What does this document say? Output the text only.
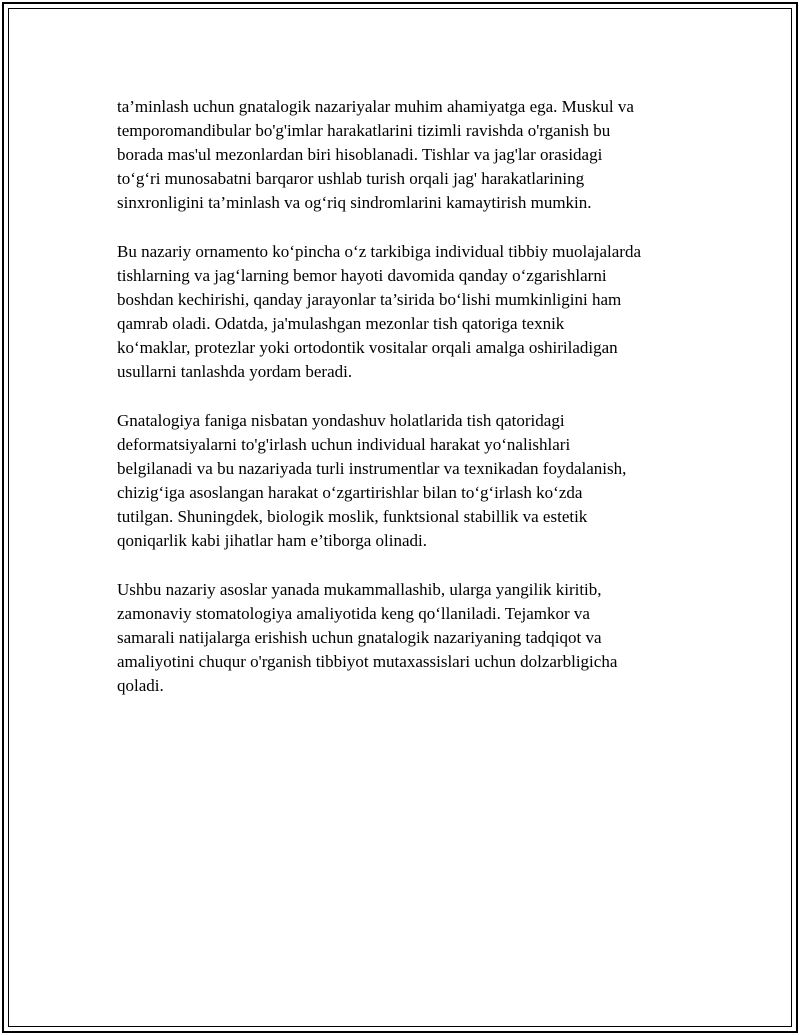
ta’minlash uchun gnatalogik nazariyalar muhim ahamiyatga ega. Muskul va
temporomandibular bo'g'imlar harakatlarini tizimli ravishda o'rganish bu
borada mas'ul mezonlardan biri hisoblanadi. Tishlar va jag'lar orasidagi
to‘g‘ri munosabatni barqaror ushlab turish orqali jag' harakatlarining
sinxronligini ta’minlash va og‘riq sindromlarini kamaytirish mumkin.

Bu nazariy ornamento ko‘pincha o‘z tarkibiga individual tibbiy muolajalarda
tishlarning va jag‘larning bemor hayoti davomida qanday o‘zgarishlarni
boshdan kechirishi, qanday jarayonlar ta’sirida bo‘lishi mumkinligini ham
qamrab oladi. Odatda, ja'mulashgan mezonlar tish qatoriga texnik
ko‘maklar, protezlar yoki ortodontik vositalar orqali amalga oshiriladigan
usullarni tanlashda yordam beradi.

Gnatalogiya faniga nisbatan yondashuv holatlarida tish qatoridagi
deformatsiyalarni to'g'irlash uchun individual harakat yo‘nalishlari
belgilanadi va bu nazariyada turli instrumentlar va texnikadan foydalanish,
chizig‘iga asoslangan harakat o‘zgartirishlar bilan to‘g‘irlash ko‘zda
tutilgan. Shuningdek, biologik moslik, funktsional stabillik va estetik
qoniqarlik kabi jihatlar ham e’tiborga olinadi.

Ushbu nazariy asoslar yanada mukammallashib, ularga yangilik kiritib,
zamonaviy stomatologiya amaliyotida keng qo‘llaniladi. Tejamkor va
samarali natijalarga erishish uchun gnatalogik nazariyaning tadqiqot va
amaliyotini chuqur o'rganish tibbiyot mutaxassislari uchun dolzarbligicha
qoladi.
